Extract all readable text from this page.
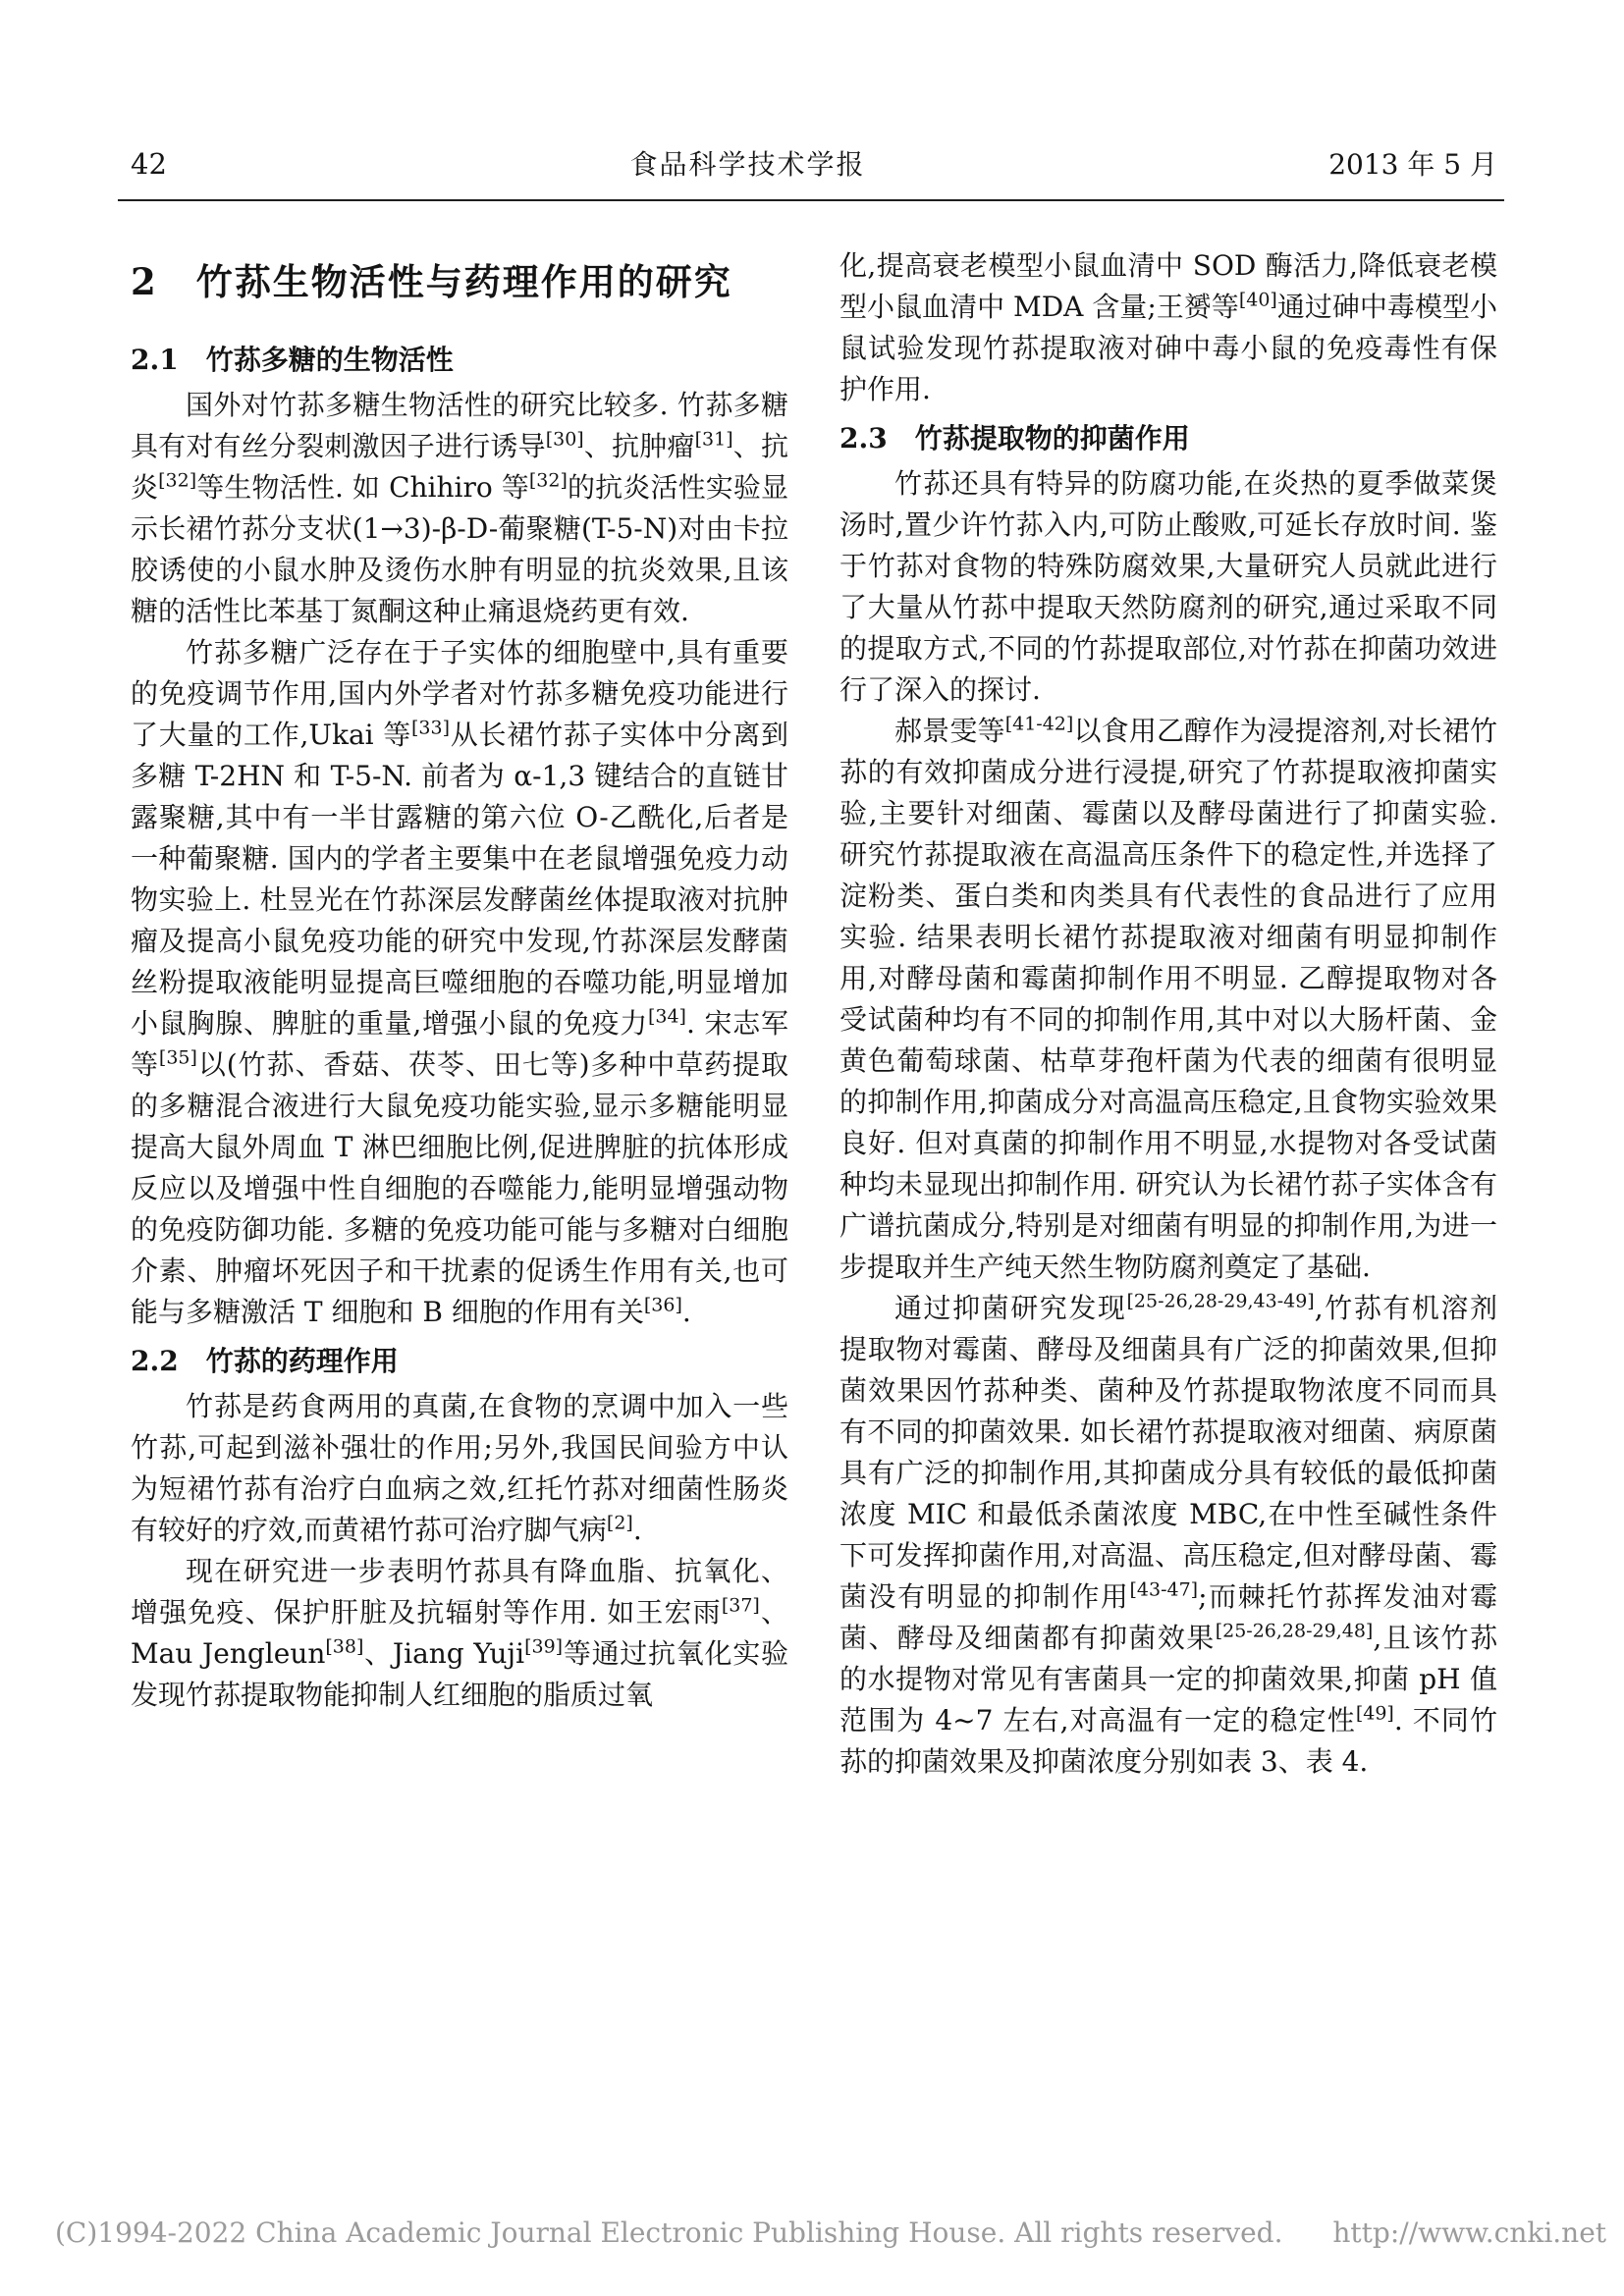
42	食品科学技术学报	2013 年 5 月
2　竹荪生物活性与药理作用的研究
2.1　竹荪多糖的生物活性
国外对竹荪多糖生物活性的研究比较多. 竹荪多糖具有对有丝分裂刺激因子进行诱导[30]、抗肿瘤[31]、抗炎[32]等生物活性. 如 Chihiro 等[32]的抗炎活性实验显示长裙竹荪分支状(1→3)-β-D-葡聚糖(T-5-N)对由卡拉胶诱使的小鼠水肿及烫伤水肿有明显的抗炎效果,且该糖的活性比苯基丁氮酮这种止痛退烧药更有效.
竹荪多糖广泛存在于子实体的细胞壁中,具有重要的免疫调节作用,国内外学者对竹荪多糖免疫功能进行了大量的工作,Ukai 等[33]从长裙竹荪子实体中分离到多糖 T-2HN 和 T-5-N. 前者为 α-1,3 键结合的直链甘露聚糖,其中有一半甘露糖的第六位 O-乙酰化,后者是一种葡聚糖. 国内的学者主要集中在老鼠增强免疫力动物实验上. 杜昱光在竹荪深层发酵菌丝体提取液对抗肿瘤及提高小鼠免疫功能的研究中发现,竹荪深层发酵菌丝粉提取液能明显提高巨噬细胞的吞噬功能,明显增加小鼠胸腺、脾脏的重量,增强小鼠的免疫力[34]. 宋志军等[35]以(竹荪、香菇、茯苓、田七等)多种中草药提取的多糖混合液进行大鼠免疫功能实验,显示多糖能明显提高大鼠外周血 T 淋巴细胞比例,促进脾脏的抗体形成反应以及增强中性自细胞的吞噬能力,能明显增强动物的免疫防御功能. 多糖的免疫功能可能与多糖对白细胞介素、肿瘤坏死因子和干扰素的促诱生作用有关,也可能与多糖激活 T 细胞和 B 细胞的作用有关[36].
2.2　竹荪的药理作用
竹荪是药食两用的真菌,在食物的烹调中加入一些竹荪,可起到滋补强壮的作用;另外,我国民间验方中认为短裙竹荪有治疗白血病之效,红托竹荪对细菌性肠炎有较好的疗效,而黄裙竹荪可治疗脚气病[2].
现在研究进一步表明竹荪具有降血脂、抗氧化、增强免疫、保护肝脏及抗辐射等作用. 如王宏雨[37]、Mau Jengleun[38]、Jiang Yuji[39]等通过抗氧化实验发现竹荪提取物能抑制人红细胞的脂质过氧
化,提高衰老模型小鼠血清中 SOD 酶活力,降低衰老模型小鼠血清中 MDA 含量;王赟等[40]通过砷中毒模型小鼠试验发现竹荪提取液对砷中毒小鼠的免疫毒性有保护作用.
2.3　竹荪提取物的抑菌作用
竹荪还具有特异的防腐功能,在炎热的夏季做菜煲汤时,置少许竹荪入内,可防止酸败,可延长存放时间. 鉴于竹荪对食物的特殊防腐效果,大量研究人员就此进行了大量从竹荪中提取天然防腐剂的研究,通过采取不同的提取方式,不同的竹荪提取部位,对竹荪在抑菌功效进行了深入的探讨.
郝景雯等[41-42]以食用乙醇作为浸提溶剂,对长裙竹荪的有效抑菌成分进行浸提,研究了竹荪提取液抑菌实验,主要针对细菌、霉菌以及酵母菌进行了抑菌实验. 研究竹荪提取液在高温高压条件下的稳定性,并选择了淀粉类、蛋白类和肉类具有代表性的食品进行了应用实验. 结果表明长裙竹荪提取液对细菌有明显抑制作用,对酵母菌和霉菌抑制作用不明显. 乙醇提取物对各受试菌种均有不同的抑制作用,其中对以大肠杆菌、金黄色葡萄球菌、枯草芽孢杆菌为代表的细菌有很明显的抑制作用,抑菌成分对高温高压稳定,且食物实验效果良好. 但对真菌的抑制作用不明显,水提物对各受试菌种均未显现出抑制作用. 研究认为长裙竹荪子实体含有广谱抗菌成分,特别是对细菌有明显的抑制作用,为进一步提取并生产纯天然生物防腐剂奠定了基础.
通过抑菌研究发现[25-26,28-29,43-49],竹荪有机溶剂提取物对霉菌、酵母及细菌具有广泛的抑菌效果,但抑菌效果因竹荪种类、菌种及竹荪提取物浓度不同而具有不同的抑菌效果. 如长裙竹荪提取液对细菌、病原菌具有广泛的抑制作用,其抑菌成分具有较低的最低抑菌浓度 MIC 和最低杀菌浓度 MBC,在中性至碱性条件下可发挥抑菌作用,对高温、高压稳定,但对酵母菌、霉菌没有明显的抑制作用[43-47];而棘托竹荪挥发油对霉菌、酵母及细菌都有抑菌效果[25-26,28-29,48],且该竹荪的水提物对常见有害菌具一定的抑菌效果,抑菌 pH 值范围为 4~7 左右,对高温有一定的稳定性[49]. 不同竹荪的抑菌效果及抑菌浓度分别如表 3、表 4.
(C)1994-2022 China Academic Journal Electronic Publishing House. All rights reserved. http://www.cnki.net
